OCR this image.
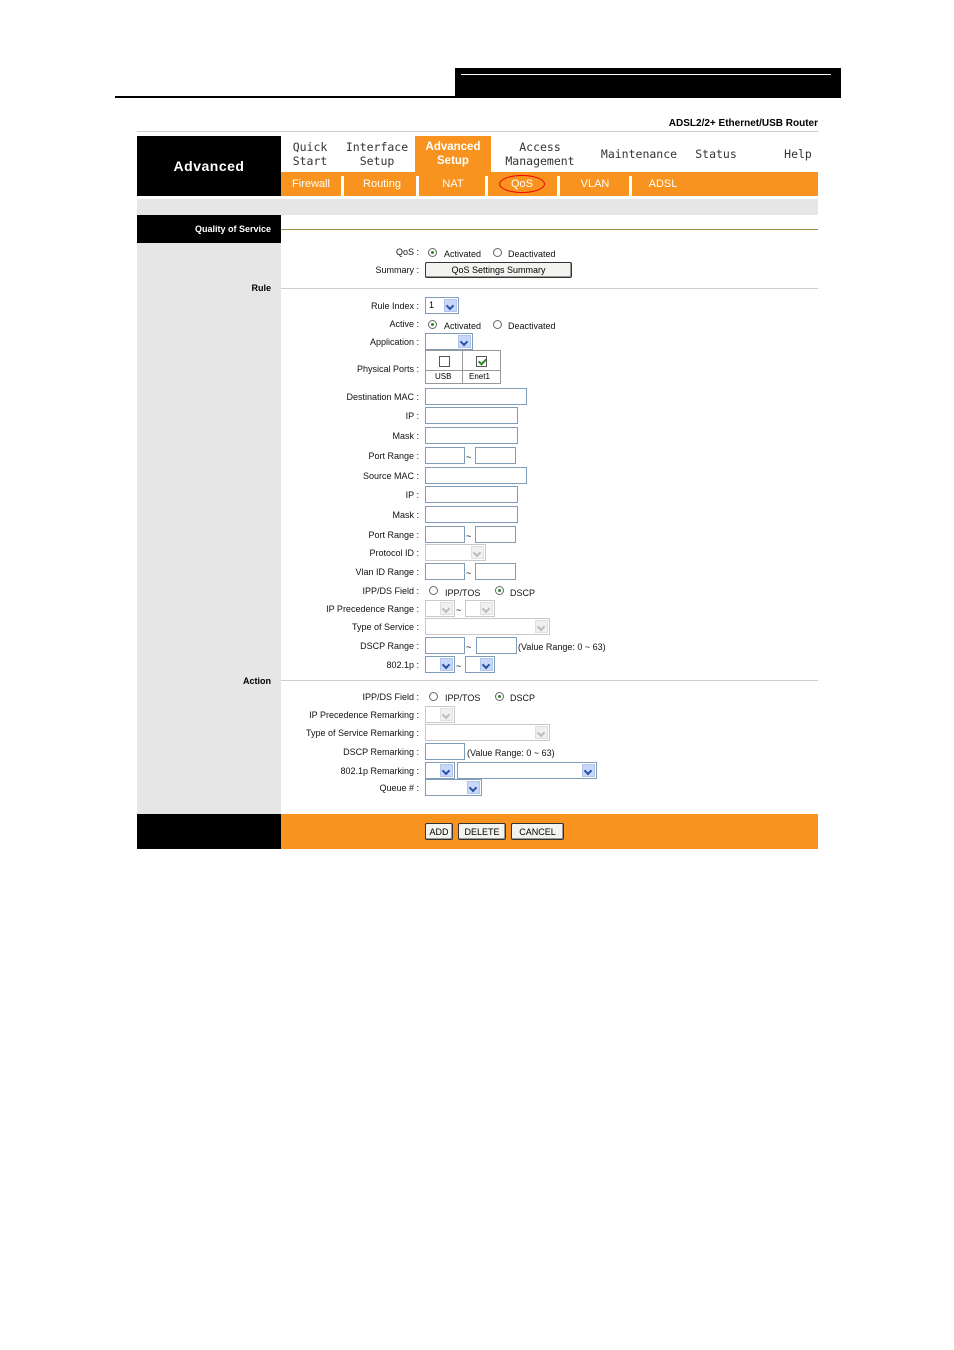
ADSL2/2+ Ethernet/USB Router
Advanced
Quick
Start
Interface
Setup
Advanced
Setup
Access
Management Maintenance Status	Help
Firewall	Routing	NAT	QoS	VLAN	ADSL
Quality of Service
QoS :	Activated	Deactivated
Summary :	QoS Settings Summary
Rule
Rule Index : 1
Active :	Activated	Deactivated
Application :
Physical Ports :
USB Enet1
Destination MAC :
IP :
Mask :
Port Range :	~
Source MAC :
IP :
Mask :
Port Range :	~
Protocol ID :
Vlan ID Range :	~
IPP/DS Field :	IPP/TOS	DSCP
IP Precedence Range :	~
Type of Service :
DSCP Range :	~	(Value Range: 0 ~ 63)
802.1p :	~
Action
IPP/DS Field :	IPP/TOS	DSCP
IP Precedence Remarking :
Type of Service Remarking :
DSCP Remarking :	(Value Range: 0 ~ 63)
802.1p Remarking :
Queue # :
ADD	DELETE	CANCEL
